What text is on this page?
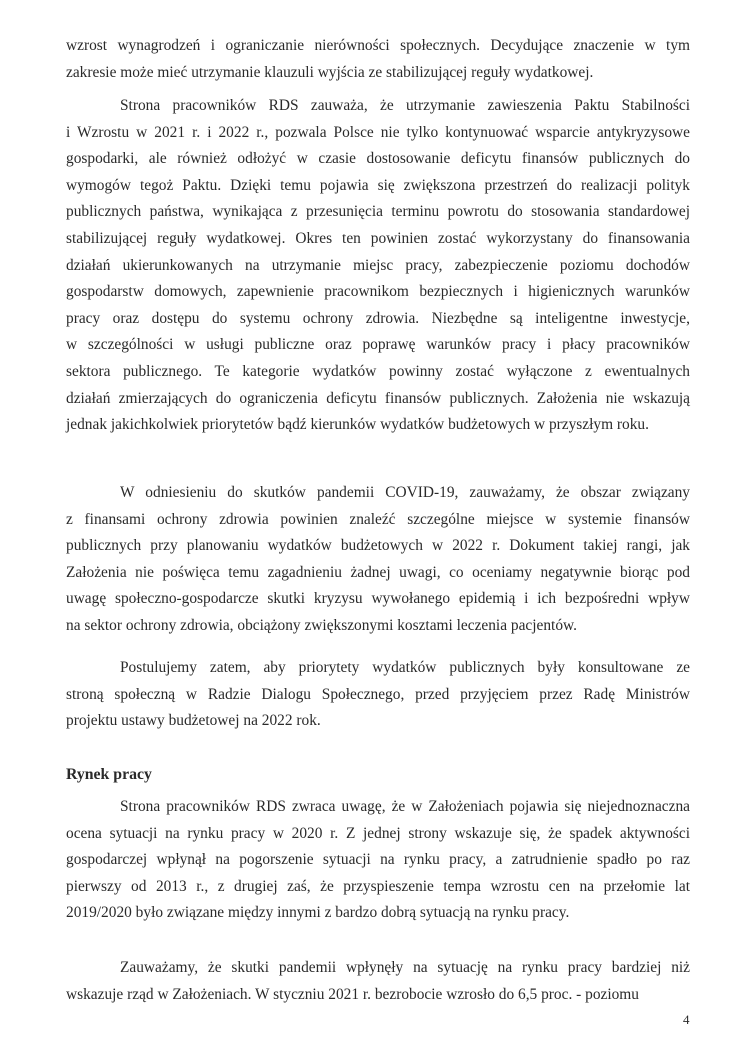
wzrost wynagrodzeń i ograniczanie nierówności społecznych. Decydujące znaczenie w tym
zakresie może mieć utrzymanie klauzuli wyjścia ze stabilizującej reguły wydatkowej.
Strona pracowników RDS zauważa, że utrzymanie zawieszenia Paktu Stabilności
i Wzrostu w 2021 r. i 2022 r., pozwala Polsce nie tylko kontynuować wsparcie antykryzysowe
gospodarki, ale również odłożyć w czasie dostosowanie deficytu finansów publicznych do
wymogów tegoż Paktu. Dzięki temu pojawia się zwiększona przestrzeń do realizacji polityk
publicznych państwa, wynikająca z przesunięcia terminu powrotu do stosowania standardowej
stabilizującej reguły wydatkowej. Okres ten powinien zostać wykorzystany do finansowania
działań ukierunkowanych na utrzymanie miejsc pracy, zabezpieczenie poziomu dochodów
gospodarstw domowych, zapewnienie pracownikom bezpiecznych i higienicznych warunków
pracy oraz dostępu do systemu ochrony zdrowia. Niezbędne są inteligentne inwestycje,
w szczególności w usługi publiczne oraz poprawę warunków pracy i płacy pracowników
sektora publicznego. Te kategorie wydatków powinny zostać wyłączone z ewentualnych
działań zmierzających do ograniczenia deficytu finansów publicznych. Założenia nie wskazują
jednak jakichkolwiek priorytetów bądź kierunków wydatków budżetowych w przyszłym roku.
W odniesieniu do skutków pandemii COVID-19, zauważamy, że obszar związany
z finansami ochrony zdrowia powinien znaleźć szczególne miejsce w systemie finansów
publicznych przy planowaniu wydatków budżetowych w 2022 r. Dokument takiej rangi, jak
Założenia nie poświęca temu zagadnieniu żadnej uwagi, co oceniamy negatywnie biorąc pod
uwagę społeczno-gospodarcze skutki kryzysu wywołanego epidemią i ich bezpośredni wpływ
na sektor ochrony zdrowia, obciążony zwiększonymi kosztami leczenia pacjentów.
Postulujemy zatem, aby priorytety wydatków publicznych były konsultowane ze
stroną społeczną w Radzie Dialogu Społecznego, przed przyjęciem przez Radę Ministrów
projektu ustawy budżetowej na 2022 rok.
Rynek pracy
Strona pracowników RDS zwraca uwagę, że w Założeniach pojawia się niejednoznaczna
ocena sytuacji na rynku pracy w 2020 r. Z jednej strony wskazuje się, że spadek aktywności
gospodarczej wpłynął na pogorszenie sytuacji na rynku pracy, a zatrudnienie spadło po raz
pierwszy od 2013 r., z drugiej zaś, że przyspieszenie tempa wzrostu cen na przełomie lat
2019/2020 było związane między innymi z bardzo dobrą sytuacją na rynku pracy.
Zauważamy, że skutki pandemii wpłynęły na sytuację na rynku pracy bardziej niż
wskazuje rząd w Założeniach. W styczniu 2021 r. bezrobocie wzrosło do 6,5 proc. - poziomu
4
